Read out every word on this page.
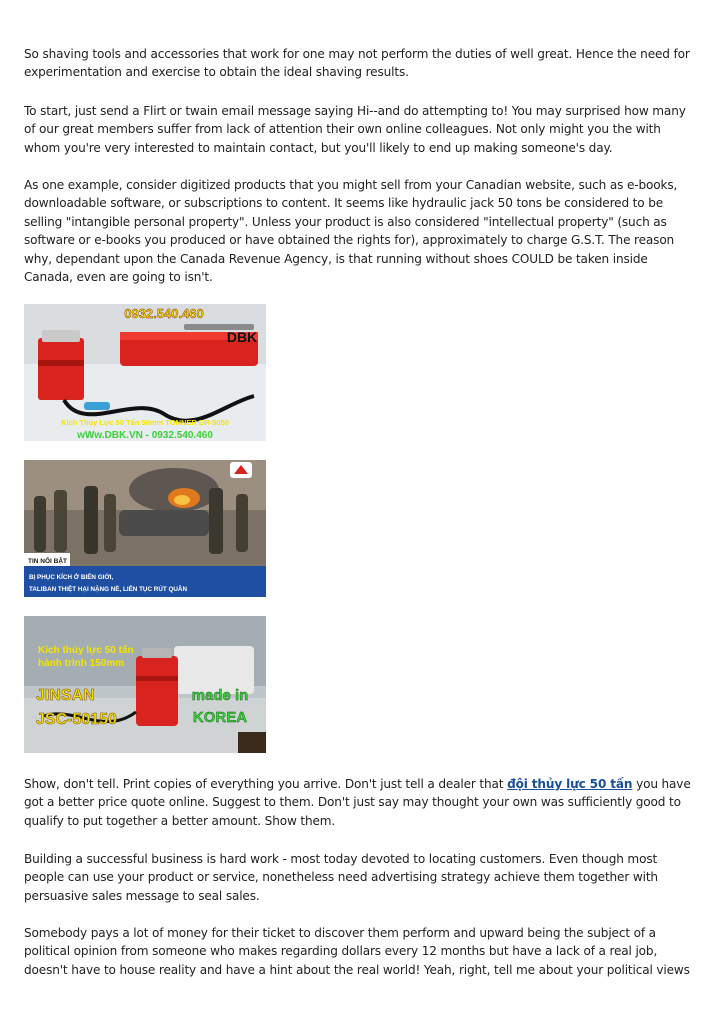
So shaving tools and accessories that work for one may not perform the duties of well great. Hence the need for experimentation and exercise to obtain the ideal shaving results.

To start, just send a Flirt or twain email message saying Hi--and do attempting to! You may surprised how many of our great members suffer from lack of attention their own online colleagues. Not only might you the with whom you're very interested to maintain contact, but you'll likely to end up making someone's day.

As one example, consider digitized products that you might sell from your Canadian website, such as e-books, downloadable software, or subscriptions to content. It seems like hydraulic jack 50 tons be considered to be selling "intangible personal property". Unless your product is also considered "intellectual property" (such as software or e-books you produced or have obtained the rights for), approximately to charge G.S.T. The reason why, dependant upon the Canada Revenue Agency, is that running without shoes COULD be taken inside Canada, even are going to isn't.

0932.540.460
DBK
Kích Thủy Lực 50 Tấn 50mm TONNER DR-5050
wWw.DBK.VN - 0932.540.460
TIN NỔI BẬT
BỊ PHỤC KÍCH Ở BIÊN GIỚI,
TALIBAN THIỆT HẠI NẶNG NỀ, LIÊN TỤC RÚT QUÂN
Kích thủy lực 50 tấn
hành trình 150mm
JINSAN
JSC-50150
made in
KOREA

Show, don't tell. Print copies of everything you arrive. Don't just tell a dealer that đội thủy lực 50 tấn you have got a better price quote online. Suggest to them. Don't just say may thought your own was sufficiently good to qualify to put together a better amount. Show them.

Building a successful business is hard work - most today devoted to locating customers. Even though most people can use your product or service, nonetheless need advertising strategy achieve them together with persuasive sales message to seal sales.

Somebody pays a lot of money for their ticket to discover them perform and upward being the subject of a political opinion from someone who makes regarding dollars every 12 months but have a lack of a real job, doesn't have to house reality and have a hint about the real world! Yeah, right, tell me about your political views
